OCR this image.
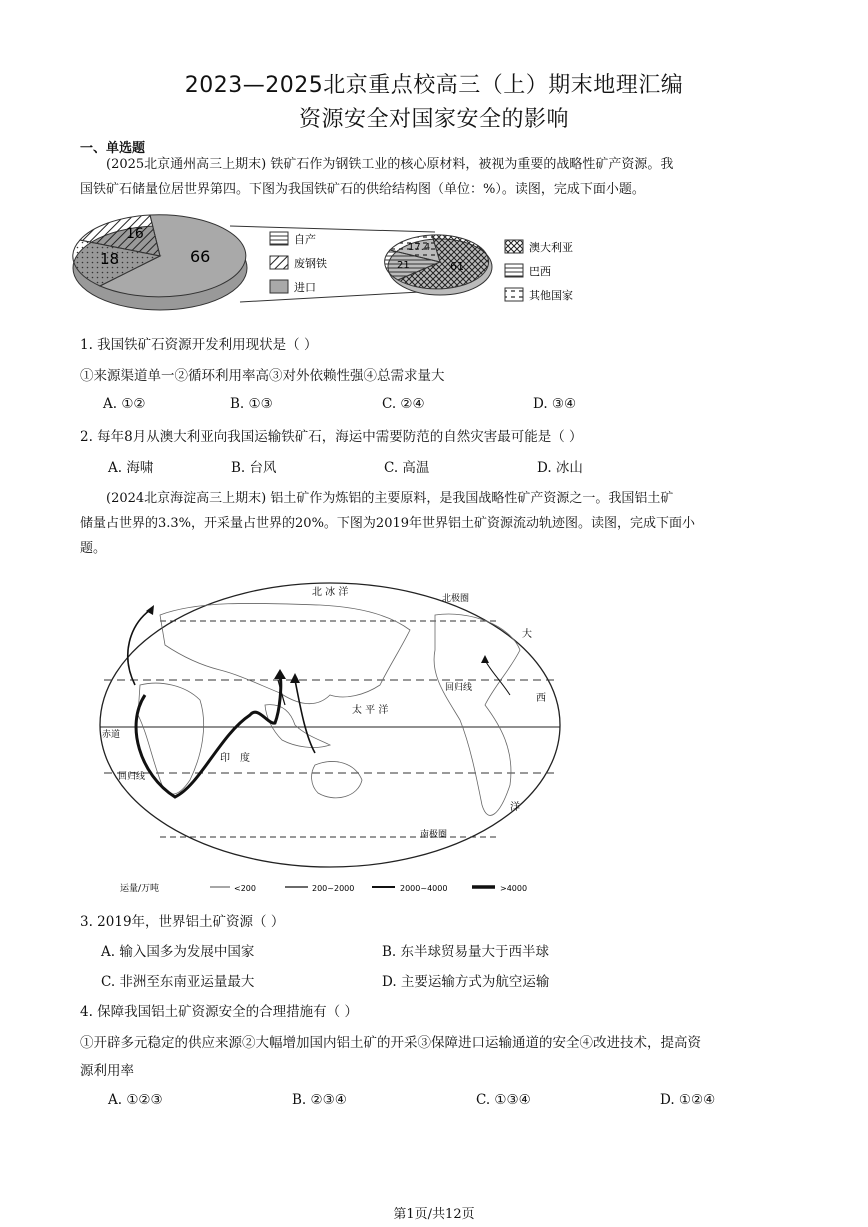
2023—2025北京重点校高三（上）期末地理汇编
资源安全对国家安全的影响
一、单选题
(2025北京通州高三上期末) 铁矿石作为钢铁工业的核心原材料，被视为重要的战略性矿产资源。我
国铁矿石储量位居世界第四。下图为我国铁矿石的供给结构图（单位：%）。读图，完成下面小题。
18
16
66
自产
废钢铁
进口
17.4
21	61
澳大利亚
巴西
其他国家
1. 我国铁矿石资源开发利用现状是（ ）
①来源渠道单一②循环利用率高③对外依赖性强④总需求量大
A. ①②	B. ①③	C. ②④	D. ③④
2. 每年8月从澳大利亚向我国运输铁矿石，海运中需要防范的自然灾害最可能是（ ）
A. 海啸	B. 台风	C. 高温	D. 冰山
(2024北京海淀高三上期末) 铝土矿作为炼铝的主要原料，是我国战略性矿产资源之一。我国铝土矿
储量占世界的3.3%，开采量占世界的20%。下图为2019年世界铝土矿资源流动轨迹图。读图，完成下面小
题。
北 冰 洋
北极圈
太 平 洋
回归线
赤道
回归线
南极圈
大
西
洋
印 度
运量/万吨	<200	200~2000	2000~4000	>4000
3. 2019年，世界铝土矿资源（ ）
A. 输入国多为发展中国家	B. 东半球贸易量大于西半球
C. 非洲至东南亚运量最大	D. 主要运输方式为航空运输
4. 保障我国铝土矿资源安全的合理措施有（ ）
①开辟多元稳定的供应来源②大幅增加国内铝土矿的开采③保障进口运输通道的安全④改进技术，提高资
源利用率
A. ①②③	B. ②③④	C. ①③④	D. ①②④
第1页/共12页
